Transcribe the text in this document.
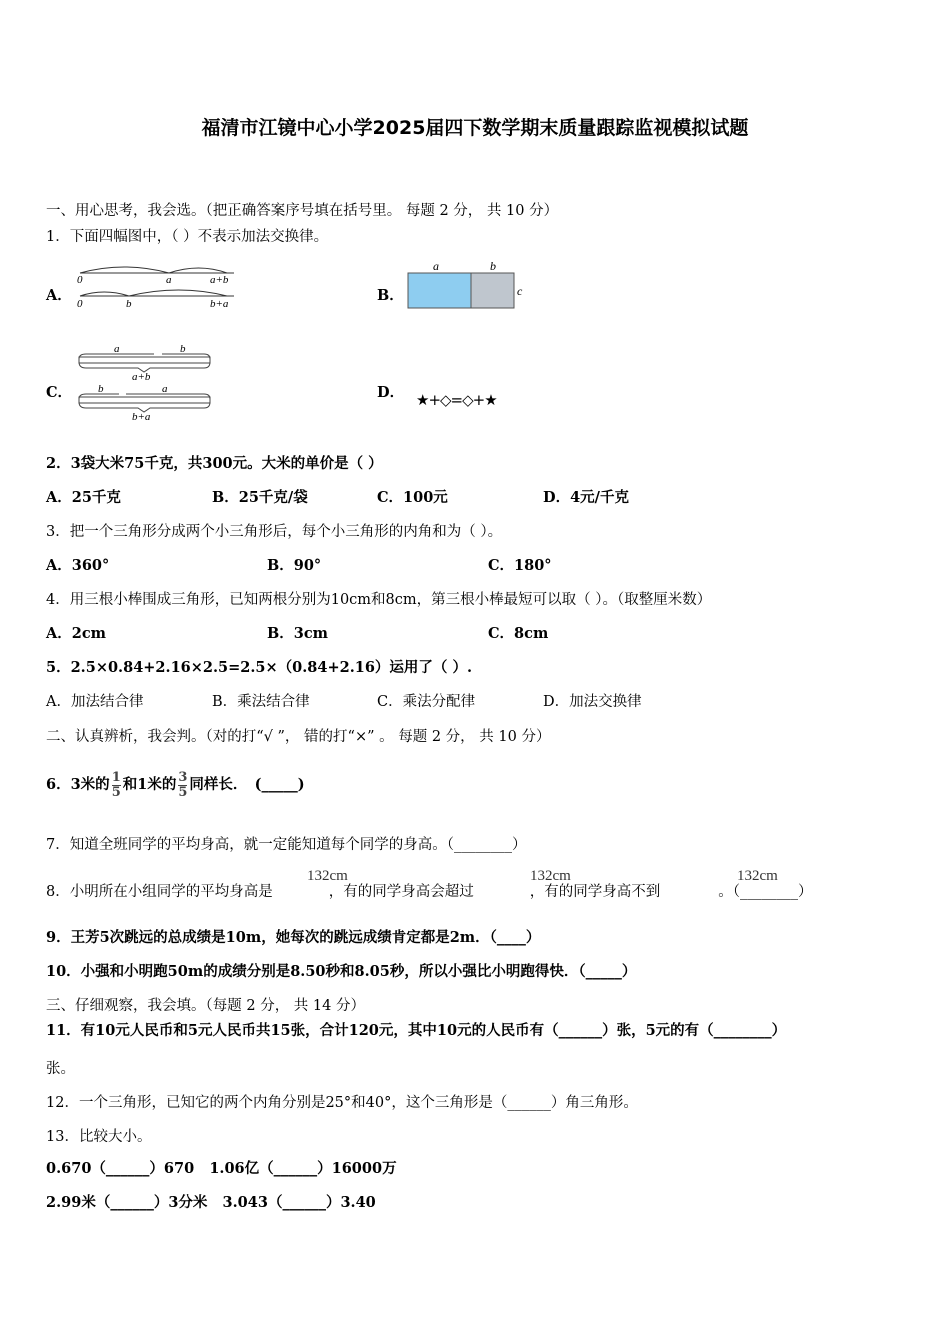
福清市江镜中心小学2025届四下数学期末质量跟踪监视模拟试题
一、用心思考，我会选。（把正确答案序号填在括号里。 每题 2 分， 共 10 分）
1．下面四幅图中，（ ）不表示加法交换律。
A．
0	a	a+b
0	b	b+a	B．
a	b
c
C．
a	b
a+b
b	a
b+a
D． ★+◇=◇+★
2．3袋大米75千克，共300元。大米的单价是（ ）
A．25千克	B．25千克/袋	C．100元	D．4元/千克
3．把一个三角形分成两个小三角形后，每个小三角形的内角和为（ ）。
A．360°	B．90°	C．180°
4．用三根小棒围成三角形，已知两根分别为10cm和8cm，第三根小棒最短可以取（ ）。（取整厘米数）
A．2cm	B．3cm	C．8cm
5．2.5×0.84+2.16×2.5=2.5×（0.84+2.16）运用了（ ）.
A．加法结合律	B．乘法结合律	C．乘法分配律	D．加法交换律
二、认真辨析，我会判。（对的打“√ ”， 错的打“×” 。 每题 2 分， 共 10 分）
6．3米的 $\frac{1}{5}$ 和1米的 $\frac{3}{5}$ 同样长．　(_____)
7．知道全班同学的平均身高，就一定能知道每个同学的身高。（________）
8．小明所在小组同学的平均身高是	，有的同学身高会超过	，有的同学身高不到	。（________）
132cm	132cm	132cm
9．王芳5次跳远的总成绩是10m，她每次的跳远成绩肯定都是2m．（____）
10．小强和小明跑50m的成绩分别是8.50秒和8.05秒，所以小强比小明跑得快．（_____）
三、仔细观察，我会填。（每题 2 分， 共 14 分）
11．有10元人民币和5元人民币共15张，合计120元，其中10元的人民币有（______）张，5元的有（________）
张。
12．一个三角形，已知它的两个内角分别是25°和40°，这个三角形是（______）角三角形。
13．比较大小。
0.670（______）670   1.06亿（______）16000万
2.99米（______）3分米   3.043（______）3.40
